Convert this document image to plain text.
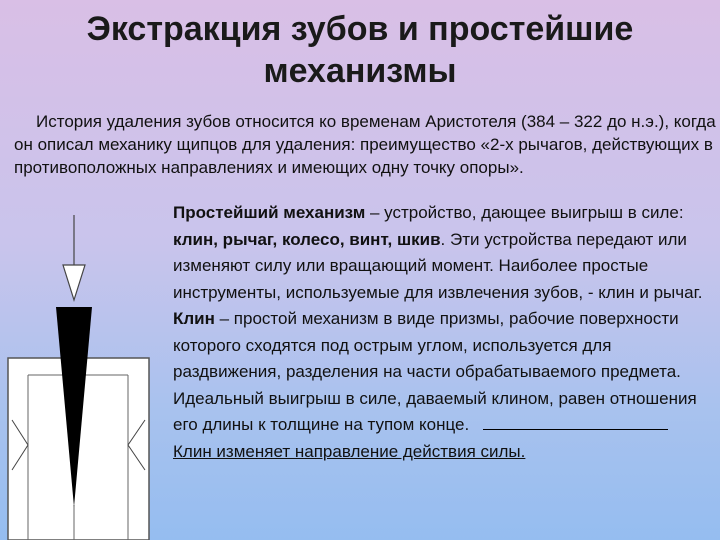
Экстракция зубов и простейшие
механизмы
История удаления зубов относится ко временам Аристотеля (384 – 322 до н.э.), когда он описал механику щипцов для удаления: преимущество «2-х рычагов, действующих в противоположных направлениях и имеющих одну точку опоры».

Простейший механизм – устройство, дающее выигрыш в силе: клин, рычаг, колесо, винт, шкив. Эти устройства передают или изменяют силу или вращающий момент. Наиболее простые инструменты, используемые для извлечения зубов, - клин и рычаг.

Клин – простой механизм в виде призмы, рабочие поверхности которого сходятся под острым углом, используется для раздвижения, разделения на части обрабатываемого предмета. Идеальный выигрыш в силе, даваемый клином, равен отношения его длины к толщине на тупом конце.

Клин изменяет направление действия силы.
